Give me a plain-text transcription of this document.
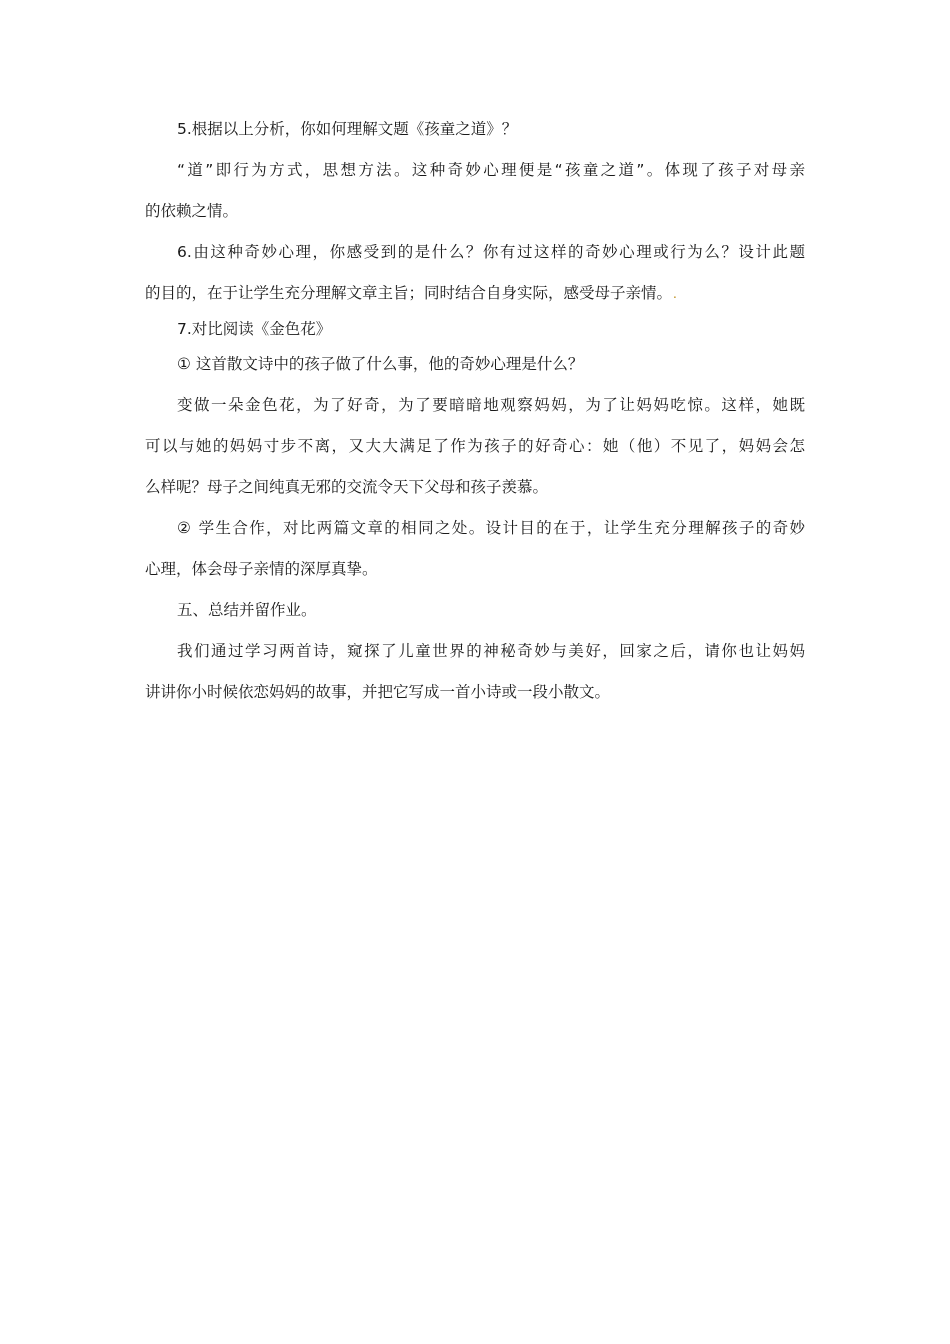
5.根据以上分析，你如何理解文题《孩童之道》？

“道”即行为方式，思想方法。这种奇妙心理便是“孩童之道”。体现了孩子对母亲

的依赖之情。

6.由这种奇妙心理，你感受到的是什么？你有过这样的奇妙心理或行为么？设计此题

的目的，在于让学生充分理解文章主旨；同时结合自身实际，感受母子亲情。.

7.对比阅读《金色花》

① 这首散文诗中的孩子做了什么事，他的奇妙心理是什么？

变做一朵金色花，为了好奇，为了要暗暗地观察妈妈，为了让妈妈吃惊。这样，她既

可以与她的妈妈寸步不离，又大大满足了作为孩子的好奇心：她（他）不见了，妈妈会怎

么样呢？母子之间纯真无邪的交流令天下父母和孩子羡慕。

② 学生合作，对比两篇文章的相同之处。设计目的在于，让学生充分理解孩子的奇妙

心理，体会母子亲情的深厚真挚。

五、总结并留作业。

我们通过学习两首诗，窥探了儿童世界的神秘奇妙与美好，回家之后，请你也让妈妈

讲讲你小时候依恋妈妈的故事，并把它写成一首小诗或一段小散文。
